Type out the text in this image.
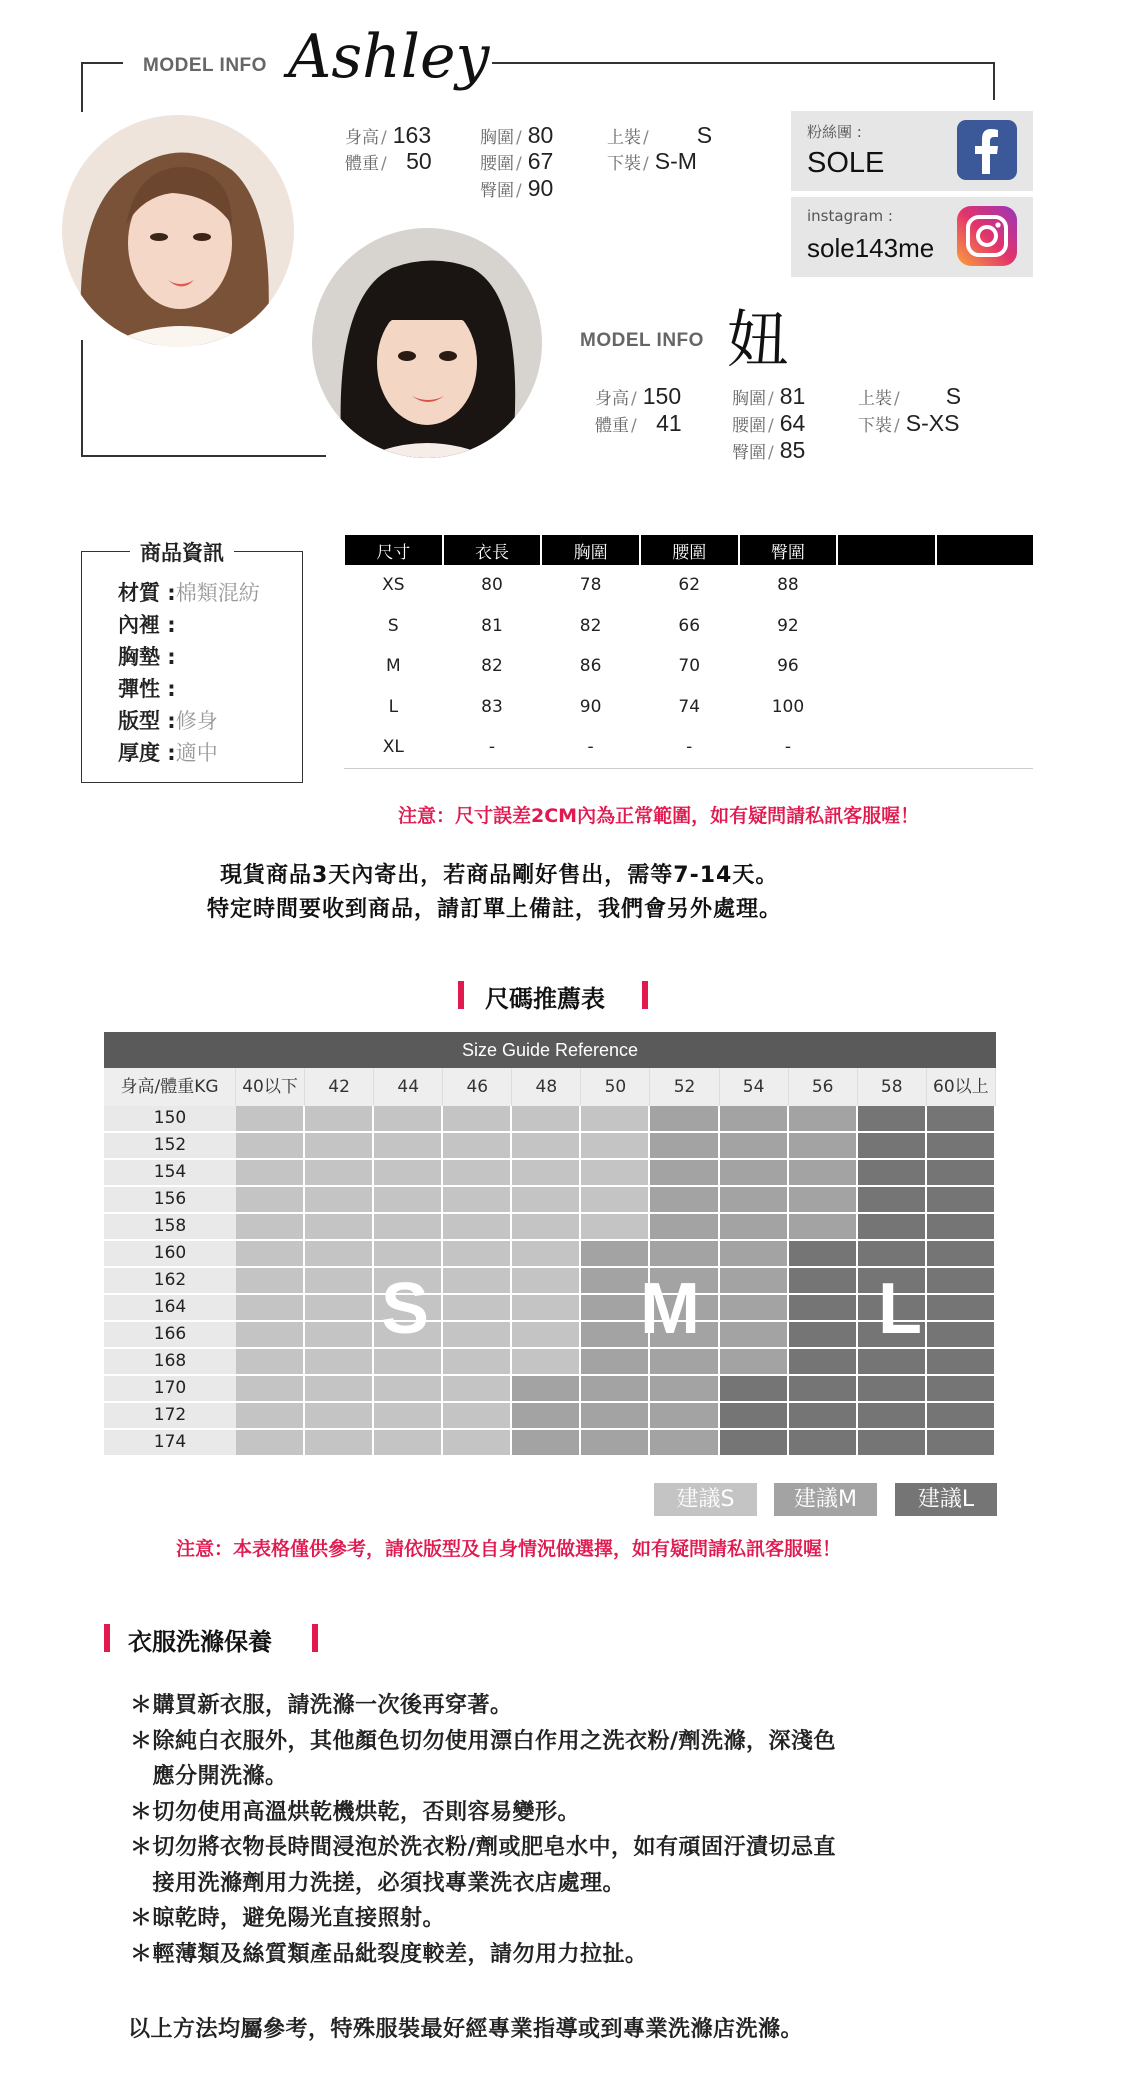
MODEL INFO Ashley
身高 / 163
體重 / 50
胸圍 / 80
腰圍 / 67
臀圍 / 90
上裝 / S
下裝 / S-M
粉絲團 :
SOLE
instagram :
sole143me
MODEL INFO 妞
身高 / 150
體重 / 41
胸圍 / 81
腰圍 / 64
臀圍 / 85
上裝 / S
下裝 / S-XS
商品資訊
材質 :棉類混紡
內裡 :
胸墊 :
彈性 :
版型 :修身
厚度 :適中
尺寸	衣長	胸圍	腰圍	臀圍		
XS	80	78	62	88		
S	81	82	66	92		
M	82	86	70	96		
L	83	90	74	100		
XL	-	-	-	-		
注意：尺寸誤差2CM內為正常範圍，如有疑問請私訊客服喔！
現貨商品3天內寄出，若商品剛好售出，需等7-14天。
特定時間要收到商品，請訂單上備註，我們會另外處理。
尺碼推薦表
Size Guide Reference
身高/體重KG	40以下	42	44	46	48	50	52	54	56	58	60以上
150
152
154
156
158
160
162
164
166
168
170
172
174
S	M L
建議S	建議M	建議L
注意：本表格僅供參考，請依版型及自身情況做選擇，如有疑問請私訊客服喔！
衣服洗滌保養
＊購買新衣服，請洗滌一次後再穿著。
＊除純白衣服外，其他顏色切勿使用漂白作用之洗衣粉/劑洗滌，深淺色
　應分開洗滌。
＊切勿使用高溫烘乾機烘乾，否則容易變形。
＊切勿將衣物長時間浸泡於洗衣粉/劑或肥皂水中，如有頑固汙漬切忌直
　接用洗滌劑用力洗搓，必須找專業洗衣店處理。
＊晾乾時，避免陽光直接照射。
＊輕薄類及絲質類產品紕裂度較差，請勿用力拉扯。
以上方法均屬參考，特殊服裝最好經專業指導或到專業洗滌店洗滌。
